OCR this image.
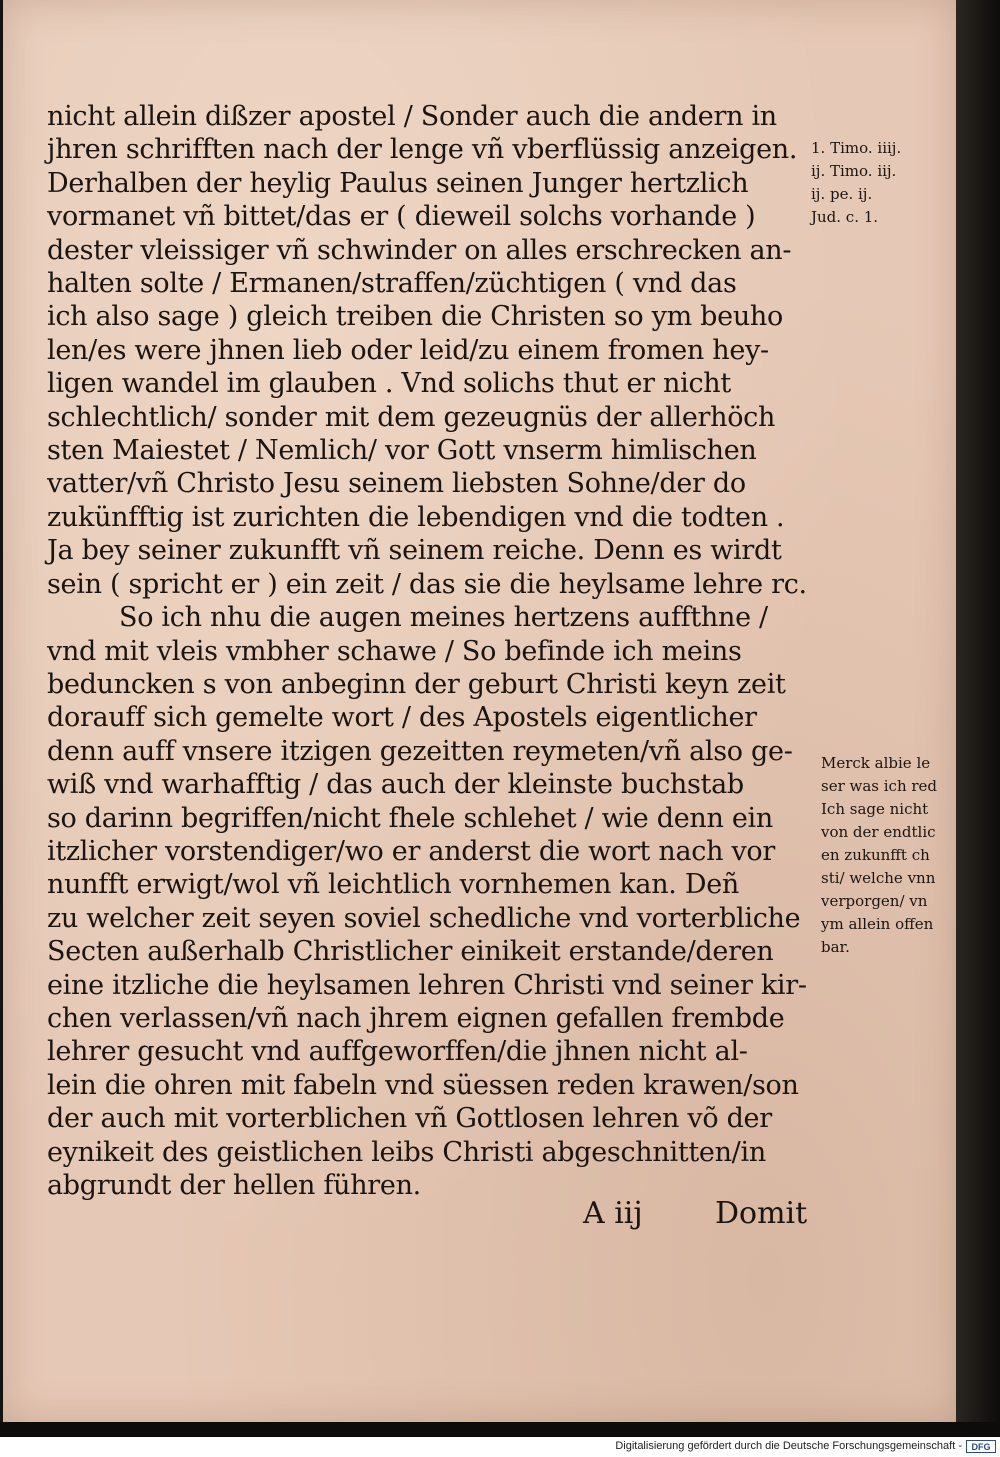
nicht allein dißzer apostel / Sonder auch die andern in
jhren schrifften nach der lenge vñ vberflüssig anzeigen.
Derhalben der heylig Paulus seinen Junger hertzlich
vormanet vñ bittet/das er ( dieweil solchs vorhande )
dester vleissiger vñ schwinder on alles erschrecken an-
halten solte / Ermanen/straffen/züchtigen ( vnd das
ich also sage ) gleich treiben die Christen so ym beuho
len/es were jhnen lieb oder leid/zu einem fromen hey-
ligen wandel im glauben . Vnd solichs thut er nicht
schlechtlich/ sonder mit dem gezeugnüs der allerhöch
sten Maiestet / Nemlich/ vor Gott vnserm himlischen
vatter/vñ Christo Jesu seinem liebsten Sohne/der do
zukünfftig ist zurichten die lebendigen vnd die todten .
Ja bey seiner zukunfft vñ seinem reiche. Denn es wirdt
sein ( spricht er ) ein zeit / das sie die heylsame lehre rc.
So ich nhu die augen meines hertzens auffthne /
vnd mit vleis vmbher schawe / So befinde ich meins
beduncken s von anbeginn der geburt Christi keyn zeit
dorauff sich gemelte wort / des Apostels eigentlicher
denn auff vnsere itzigen gezeitten reymeten/vñ also ge-
wiß vnd warhafftig / das auch der kleinste buchstab
so darinn begriffen/nicht fhele schlehet / wie denn ein
itzlicher vorstendiger/wo er anderst die wort nach vor
nunfft erwigt/wol vñ leichtlich vornhemen kan. Deñ
zu welcher zeit seyen soviel schedliche vnd vorterbliche
Secten außerhalb Christlicher einikeit erstande/deren
eine itzliche die heylsamen lehren Christi vnd seiner kir-
chen verlassen/vñ nach jhrem eignen gefallen frembde
lehrer gesucht vnd auffgeworffen/die jhnen nicht al-
lein die ohren mit fabeln vnd süessen reden krawen/son
der auch mit vorterblichen vñ Gottlosen lehren võ der
eynikeit des geistlichen leibs Christi abgeschnitten/in
abgrundt der hellen führen.
1. Timo. iiij.
ij. Timo. iij.
ij. pe. ij.
Jud. c. 1.
Merck albie le
ser was ich red
Ich sage nicht
von der endtlic
en zukunfft ch
sti/ welche vnn
verporgen/ vn
ym allein offen
bar.
A iij Domit
Digitalisierung gefördert durch die Deutsche Forschungsgemeinschaft -	DFG
